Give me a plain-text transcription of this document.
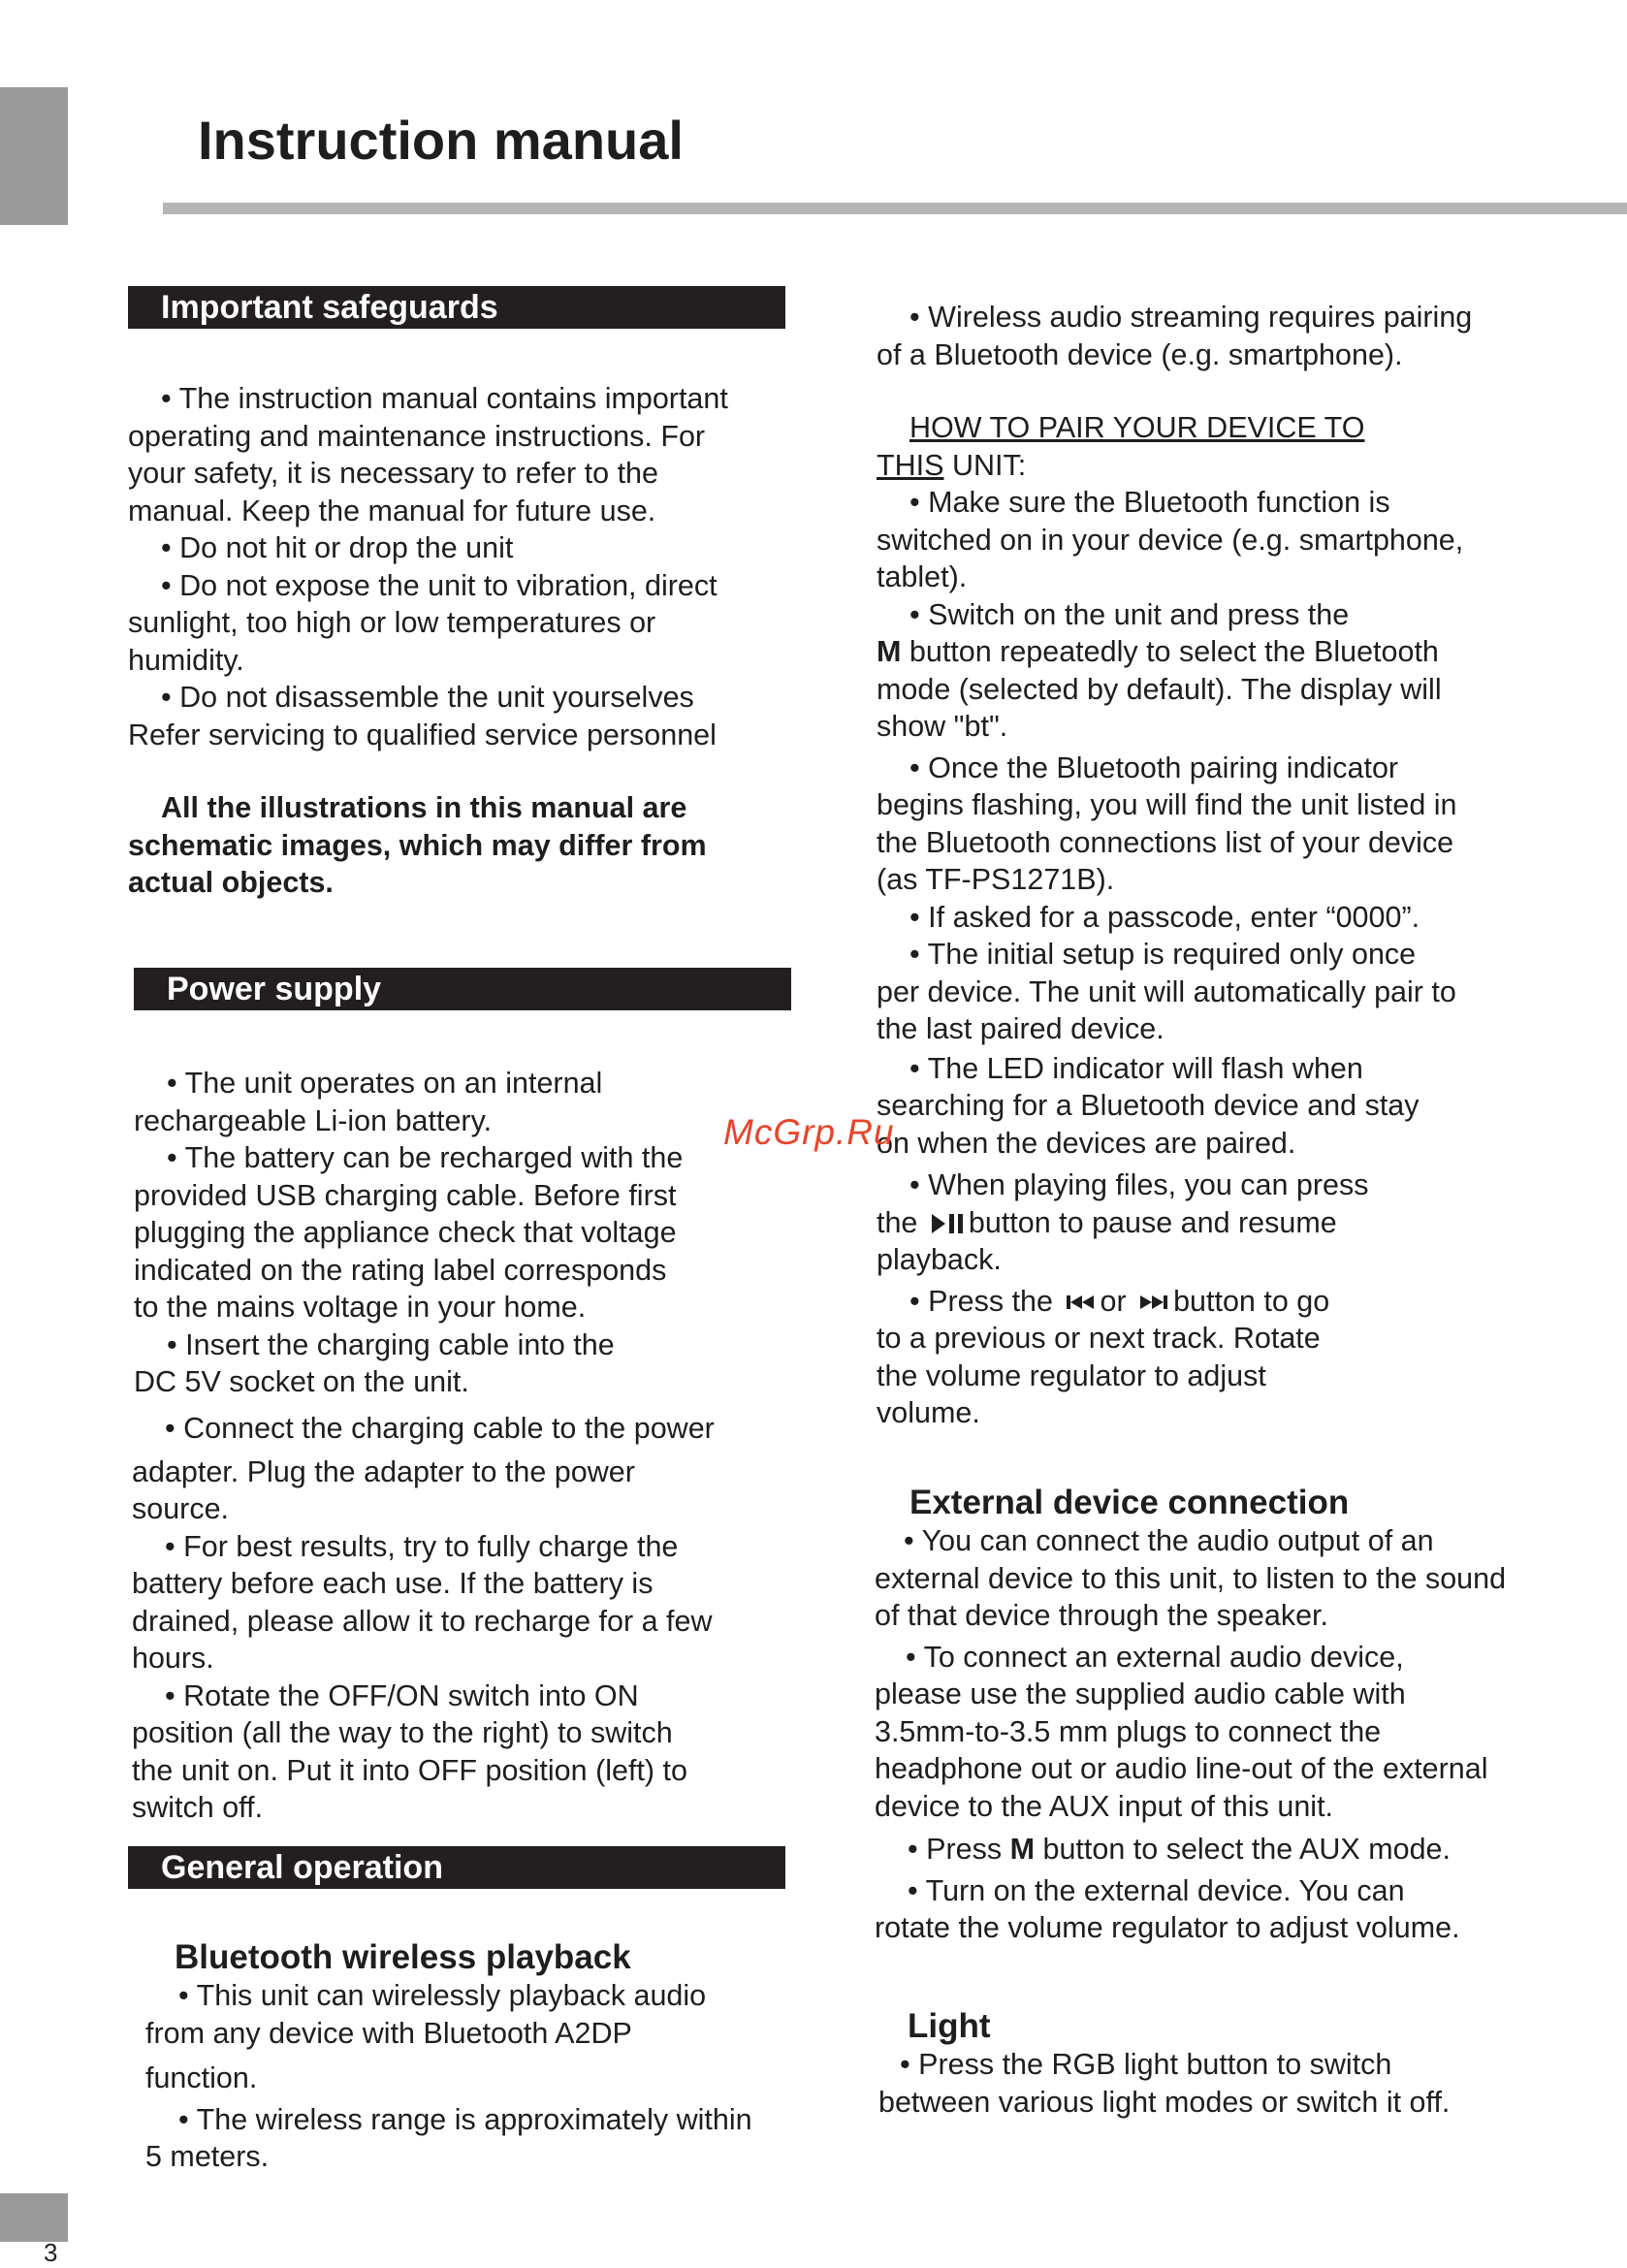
Instruction manual
Important safeguards

• The instruction manual contains important

operating and maintenance instructions. For

your safety, it is necessary to refer to the

manual. Keep the manual for future use.

• Do not hit or drop the unit

• Do not expose the unit to vibration, direct

sunlight, too high or low temperatures or

humidity.

• Do not disassemble the unit yourselves

Refer servicing to qualified service personnel

All the illustrations in this manual are

schematic images, which may differ from

actual objects.

Power supply

• The unit operates on an internal

rechargeable Li-ion battery.

• The battery can be recharged with the

provided USB charging cable. Before first

plugging the appliance check that voltage

indicated on the rating label corresponds

to the mains voltage in your home.

• Insert the charging cable into the

DC 5V socket on the unit.

• Connect the charging cable to the power

adapter. Plug the adapter to the power

source.

• For best results, try to fully charge the

battery before each use. If the battery is

drained, please allow it to recharge for a few

hours.

• Rotate the OFF/ON switch into ON

position (all the way to the right) to switch

the unit on. Put it into OFF position (left) to

switch off.

General operation

Bluetooth wireless playback

• This unit can wirelessly playback audio

from any device with Bluetooth A2DP

function.

• The wireless range is approximately within

5 meters.

• Wireless audio streaming requires pairing

of a Bluetooth device (e.g. smartphone).

HOW TO PAIR YOUR DEVICE TO

THIS UNIT:

• Make sure the Bluetooth function is

switched on in your device (e.g. smartphone,

tablet).

• Switch on the unit and press the

M button repeatedly to select the Bluetooth

mode (selected by default). The display will

show "bt".

• Once the Bluetooth pairing indicator

begins flashing, you will find the unit listed in

the Bluetooth connections list of your device

(as TF-PS1271B).

• If asked for a passcode, enter “0000”.

• The initial setup is required only once

per device. The unit will automatically pair to

the last paired device.

• The LED indicator will flash when

searching for a Bluetooth device and stay

on when the devices are paired.

• When playing files, you can press

the button to pause and resume

playback.

• Press the or button to go

to a previous or next track. Rotate

the volume regulator to adjust

volume.

External device connection

• You can connect the audio output of an

external device to this unit, to listen to the sound

of that device through the speaker.

• To connect an external audio device,

please use the supplied audio cable with

3.5mm-to-3.5 mm plugs to connect the

headphone out or audio line-out of the external

device to the AUX input of this unit.

• Press M button to select the AUX mode.

• Turn on the external device. You can

rotate the volume regulator to adjust volume.

Light

• Press the RGB light button to switch

between various light modes or switch it off.

McGrp.Ru
3
